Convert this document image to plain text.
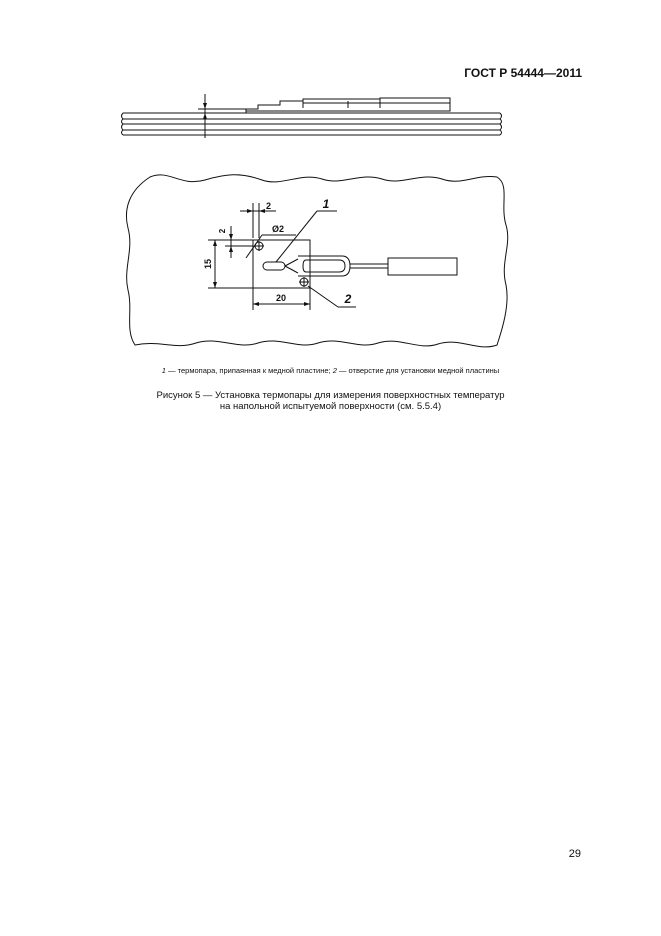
ГОСТ Р 54444—2011
2
2	Ø2
15
20
1
2
1 — термопара, припаянная к медной пластине; 2 — отверстие для установки медной пластины
Рисунок 5 — Установка термопары для измерения поверхностных температур
на напольной испытуемой поверхности (см. 5.5.4)
29
